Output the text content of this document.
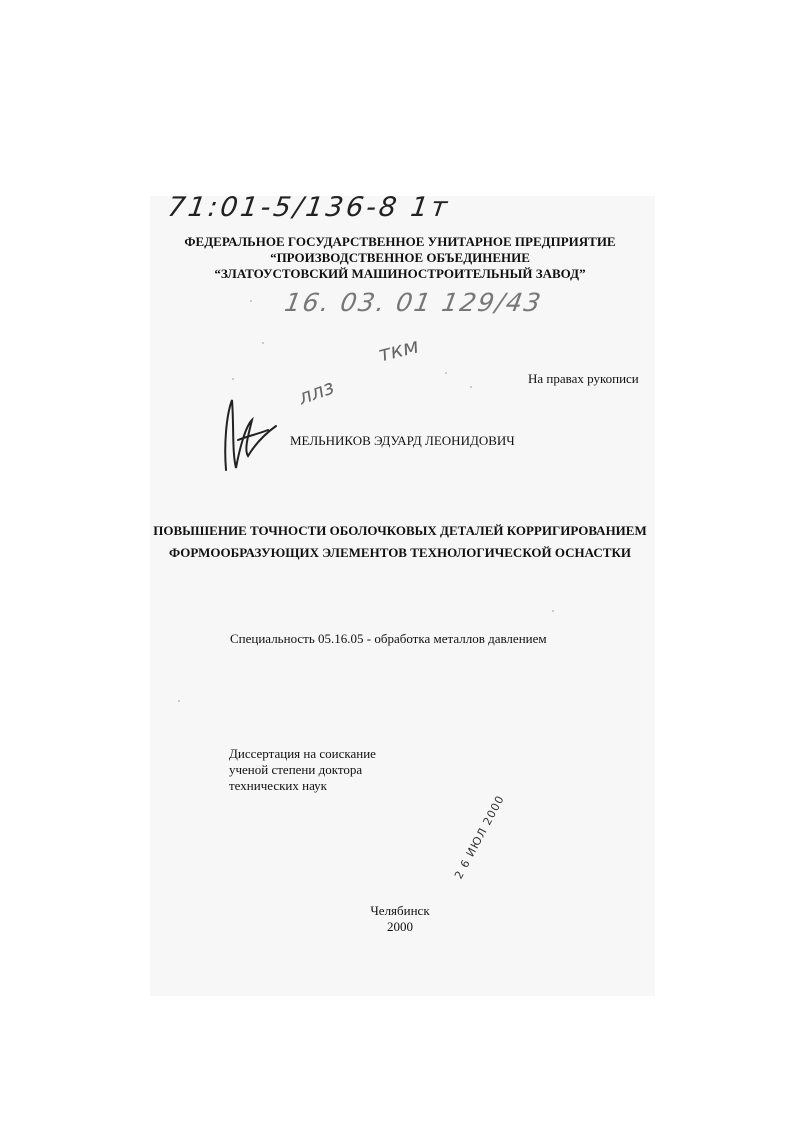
71:01-5/136-8 1т
ФЕДЕРАЛЬНОЕ ГОСУДАРСТВЕННОЕ УНИТАРНОЕ ПРЕДПРИЯТИЕ
“ПРОИЗВОДСТВЕННОЕ ОБЪЕДИНЕНИЕ
“ЗЛАТОУСТОВСКИЙ МАШИНОСТРОИТЕЛЬНЫЙ ЗАВОД”
16. 03. 01 129/43
ткм
ллз	На правах рукописи
МЕЛЬНИКОВ ЭДУАРД ЛЕОНИДОВИЧ
ПОВЫШЕНИЕ ТОЧНОСТИ ОБОЛОЧКОВЫХ ДЕТАЛЕЙ КОРРИГИРОВАНИЕМ
ФОРМООБРАЗУЮЩИХ ЭЛЕМЕНТОВ ТЕХНОЛОГИЧЕСКОЙ ОСНАСТКИ
Специальность 05.16.05 - обработка металлов давлением
Диссертация на соискание
ученой степени доктора
технических наук
2 6 ИЮЛ 2000
Челябинск
2000
